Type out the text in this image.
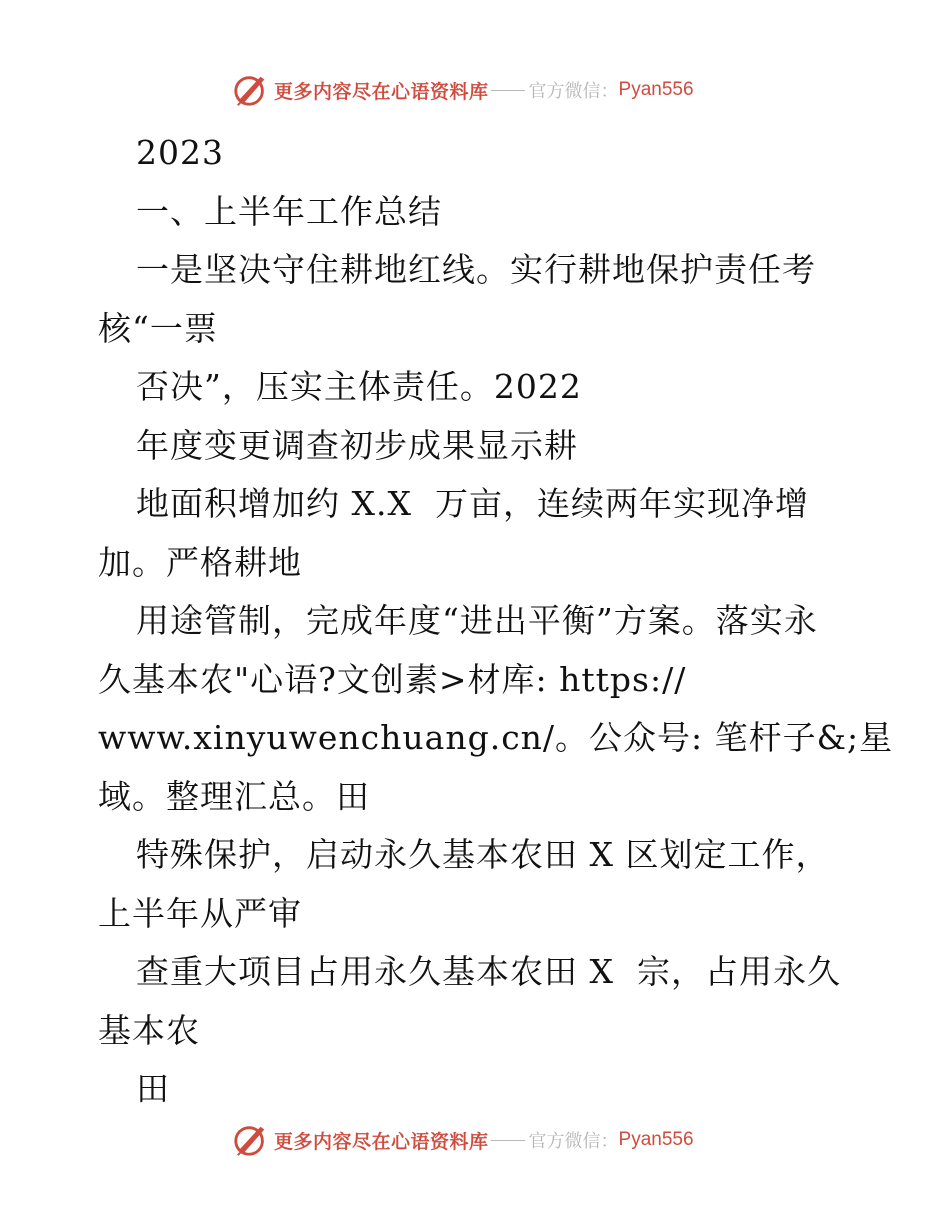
更多内容尽在心语资料库 官方微信： Pyan556
2023
一、上半年工作总结
一是坚决守住耕地红线。实行耕地保护责任考
核“一票
否决”，压实主体责任。2022
年度变更调查初步成果显示耕
地面积增加约 X.X  万亩，连续两年实现净增
加。严格耕地
用途管制，完成年度“进出平衡”方案。落实永
久基本农"心语?文创素>材库: https://
www.xinyuwenchuang.cn/。公众号: 笔杆子&;星
域。整理汇总。田
特殊保护，启动永久基本农田 X 区划定工作，
上半年从严审
查重大项目占用永久基本农田 X  宗，占用永久
基本农
田
更多内容尽在心语资料库 官方微信： Pyan556
